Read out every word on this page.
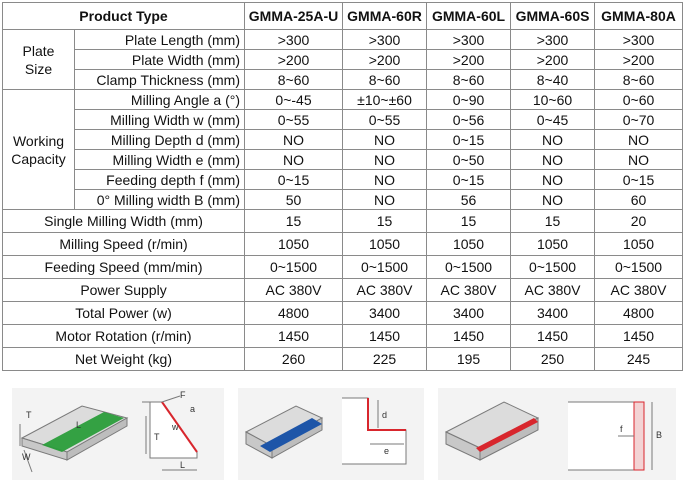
Product Type		GMMA-25A-U	GMMA-60R	GMMA-60L	GMMA-60S	GMMA-80A
Plate
Size	Plate Length (mm)	>300	>300	>300	>300	>300
	Plate Width (mm)	>200	>200	>200	>200	>200
	Clamp Thickness (mm)	8~60	8~60	8~60	8~40	8~60
Working
Capacity	Milling Angle a (°)	0~-45	±10~±60	0~90	10~60	0~60
	Milling Width w (mm)	0~55	0~55	0~56	0~45	0~70
	Milling Depth d (mm)	NO	NO	0~15	NO	NO
	Milling Width e (mm)	NO	NO	0~50	NO	NO
	Feeding depth f (mm)	0~15	NO	0~15	NO	0~15
	0° Milling width B (mm)	50	NO	56	NO	60
Single Milling Width (mm)		15	15	15	15	20
Milling Speed (r/min)		1050	1050	1050	1050	1050
Feeding Speed (mm/min)		0~1500	0~1500	0~1500	0~1500	0~1500
Power Supply		AC 380V	AC 380V	AC 380V	AC 380V	AC 380V
Total Power (w)		4800	3400	3400	3400	4800
Motor Rotation (r/min)		1450	1450	1450	1450	1450
Net Weight (kg)		260	225	195	250	245
T
L
W
F
a
T
w
L
d
e
f
B
